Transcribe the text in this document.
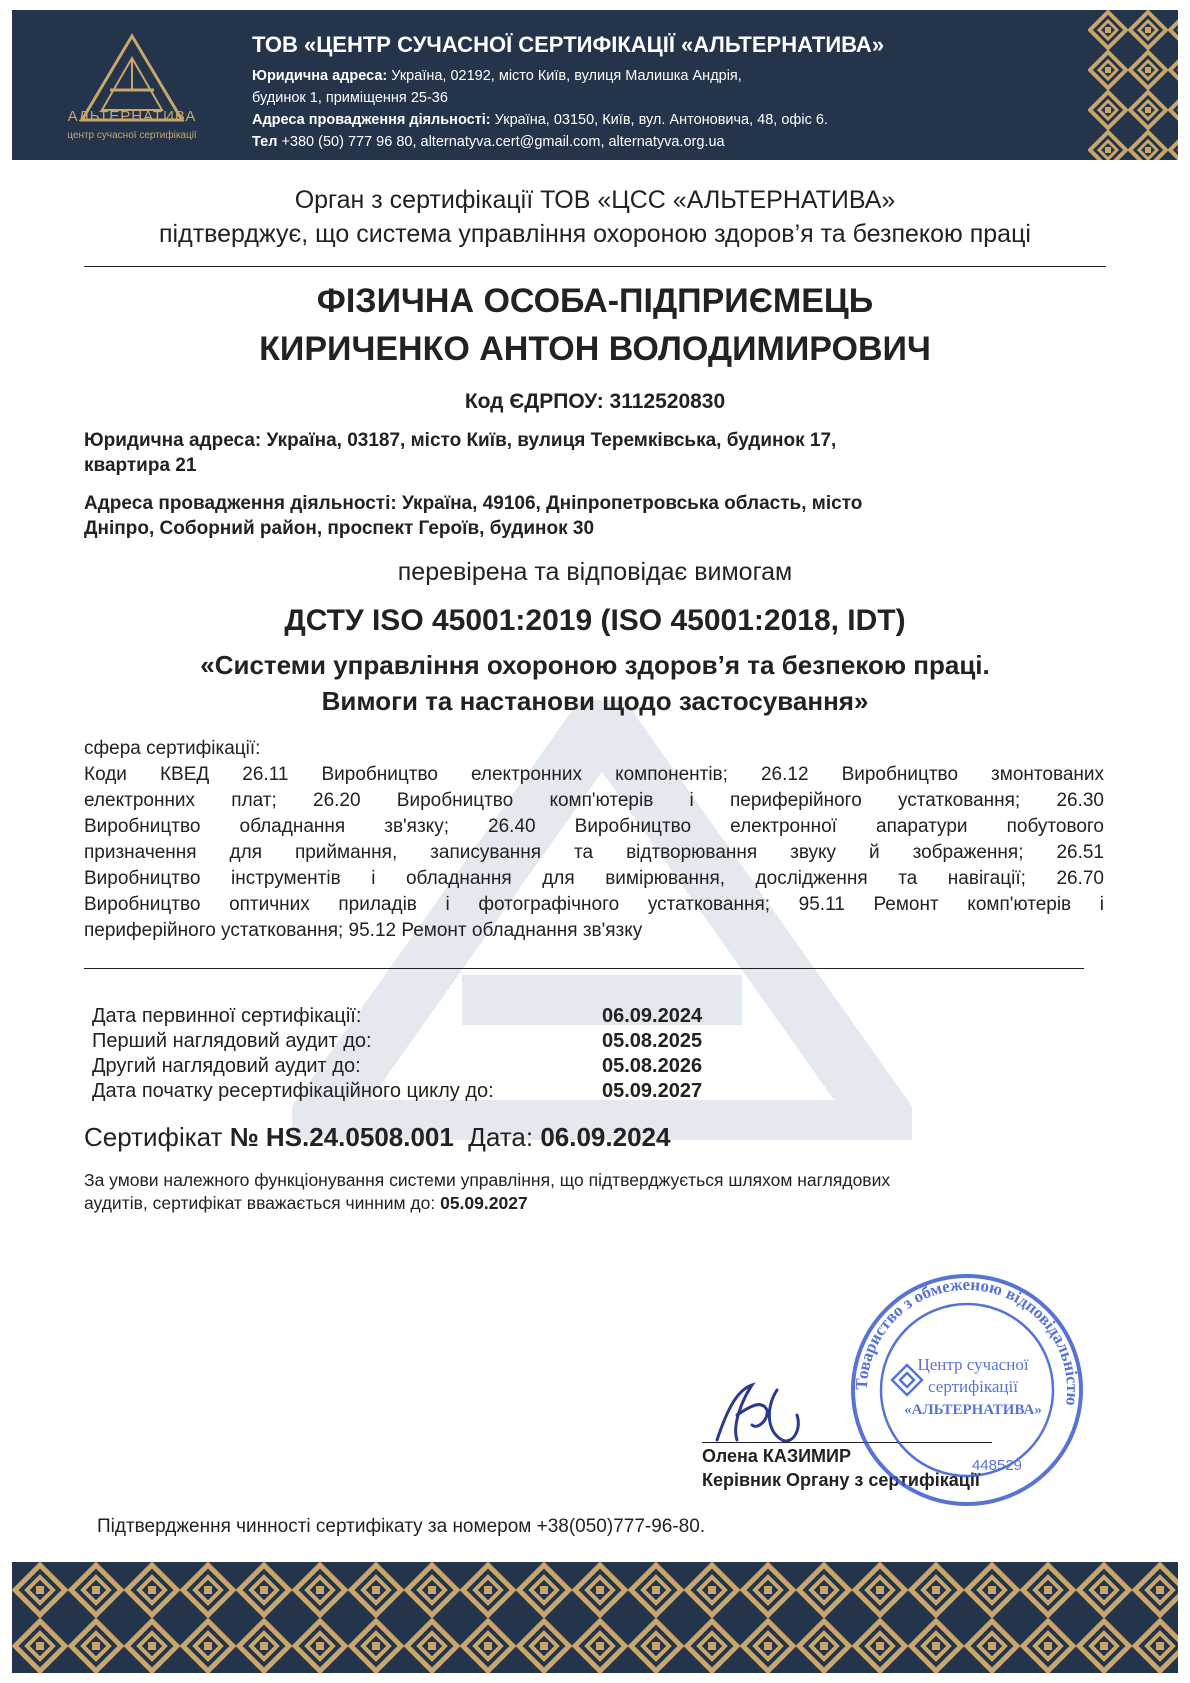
АЛЬТЕРНАТИВА
центр сучасної сертифікації
ТОВ «ЦЕНТР СУЧАСНОЇ СЕРТИФІКАЦІЇ «АЛЬТЕРНАТИВА»
Юридична адреса: Україна, 02192, місто Київ, вулиця Малишка Андрія,
будинок 1, приміщення 25-36
Адреса провадження діяльності: Україна, 03150, Київ, вул. Антоновича, 48, офіс 6.
Тел +380 (50) 777 96 80, alternatyva.cert@gmail.com, alternatyva.org.ua
Орган з сертифікації ТОВ «ЦСС «АЛЬТЕРНАТИВА»
підтверджує, що система управління охороною здоров’я та безпекою праці
ФІЗИЧНА ОСОБА-ПІДПРИЄМЕЦЬ
КИРИЧЕНКО АНТОН ВОЛОДИМИРОВИЧ
Код ЄДРПОУ: 3112520830
Юридична адреса: Україна, 03187, місто Київ, вулиця Теремківська, будинок 17,
квартира 21
Адреса провадження діяльності: Україна, 49106, Дніпропетровська область, місто
Дніпро, Соборний район, проспект Героїв, будинок 30
перевірена та відповідає вимогам
ДСТУ ISO 45001:2019 (ISO 45001:2018, IDT)
«Системи управління охороною здоров’я та безпекою праці.
Вимоги та настанови щодо застосування»
сфера сертифікації:
Коди КВЕД 26.11 Виробництво електронних компонентів; 26.12 Виробництво змонтованих
електронних плат; 26.20 Виробництво комп'ютерів і периферійного устатковання; 26.30
Виробництво обладнання зв'язку; 26.40 Виробництво електронної апаратури побутового
призначення для приймання, записування та відтворювання звуку й зображення; 26.51
Виробництво інструментів і обладнання для вимірювання, дослідження та навігації; 26.70
Виробництво оптичних приладів і фотографічного устатковання; 95.11 Ремонт комп'ютерів і
периферійного устатковання; 95.12 Ремонт обладнання зв'язку
Дата первинної сертифікації:	06.09.2024
Перший наглядовий аудит до:	05.08.2025
Другий наглядовий аудит до:	05.08.2026
Дата початку ресертифікаційного циклу до:	05.09.2027
Сертифікат № HS.24.0508.001 Дата: 06.09.2024
За умови належного функціонування системи управління, що підтверджується шляхом наглядових
аудитів, сертифікат вважається чинним до: 05.09.2027
Олена КАЗИМИР
Керівник Органу з сертифікації
Товариство з обмеженою відповідальністю
Центр сучасної
сертифікації
«АЛЬТЕРНАТИВА»
448529
Підтвердження чинності сертифікату за номером +38(050)777-96-80.
